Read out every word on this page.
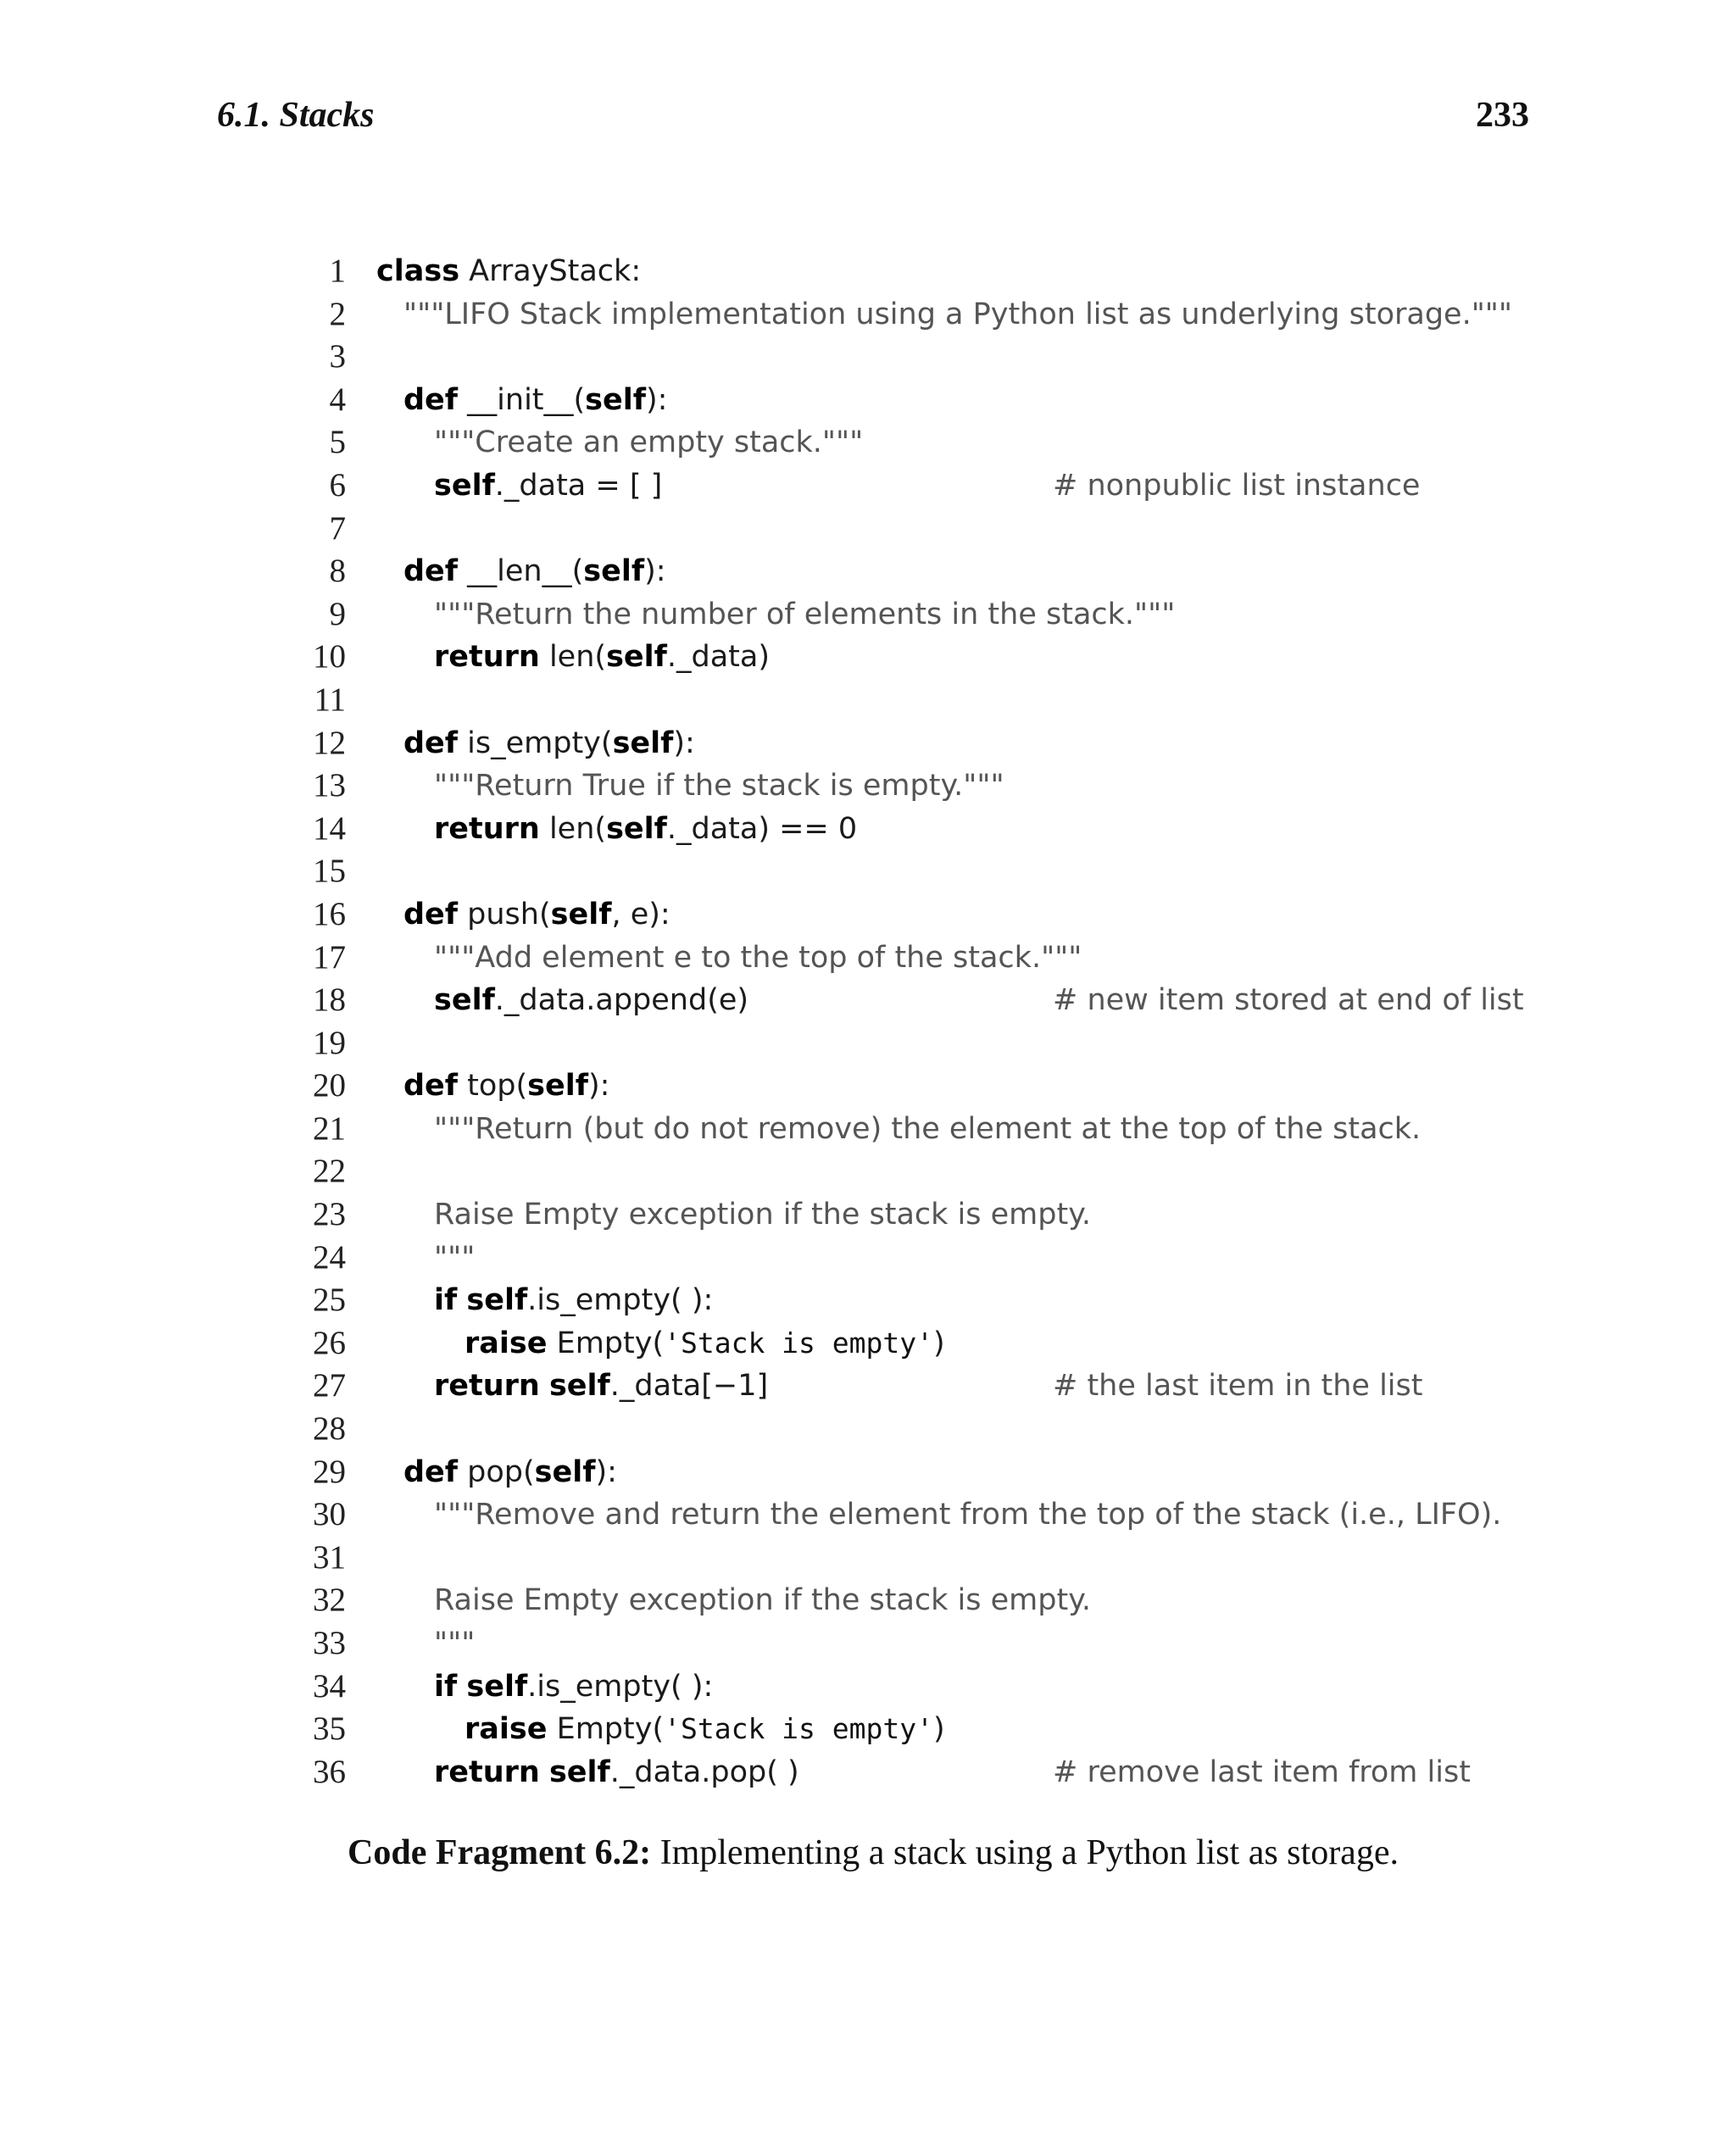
6.1. Stacks	233
1 class ArrayStack:
2 """LIFO Stack implementation using a Python list as underlying storage."""
3
4 def __init__(self):
5	"""Create an empty stack."""
6	self._data = [ ]	# nonpublic list instance
7
8 def __len__(self):
9	"""Return the number of elements in the stack."""
10	return len(self._data)
11
12 def is_empty(self):
13	"""Return True if the stack is empty."""
14	return len(self._data) == 0
15
16 def push(self, e):
17	"""Add element e to the top of the stack."""
18	self._data.append(e)	# new item stored at end of list
19
20 def top(self):
21	"""Return (but do not remove) the element at the top of the stack.
22
23	Raise Empty exception if the stack is empty.
24	"""
25	if self.is_empty( ):
26	raise Empty('Stack is empty')
27	return self._data[−1]	# the last item in the list
28
29 def pop(self):
30	"""Remove and return the element from the top of the stack (i.e., LIFO).
31
32	Raise Empty exception if the stack is empty.
33	"""
34	if self.is_empty( ):
35	raise Empty('Stack is empty')
36	return self._data.pop( )	# remove last item from list
Code Fragment 6.2: Implementing a stack using a Python list as storage.
